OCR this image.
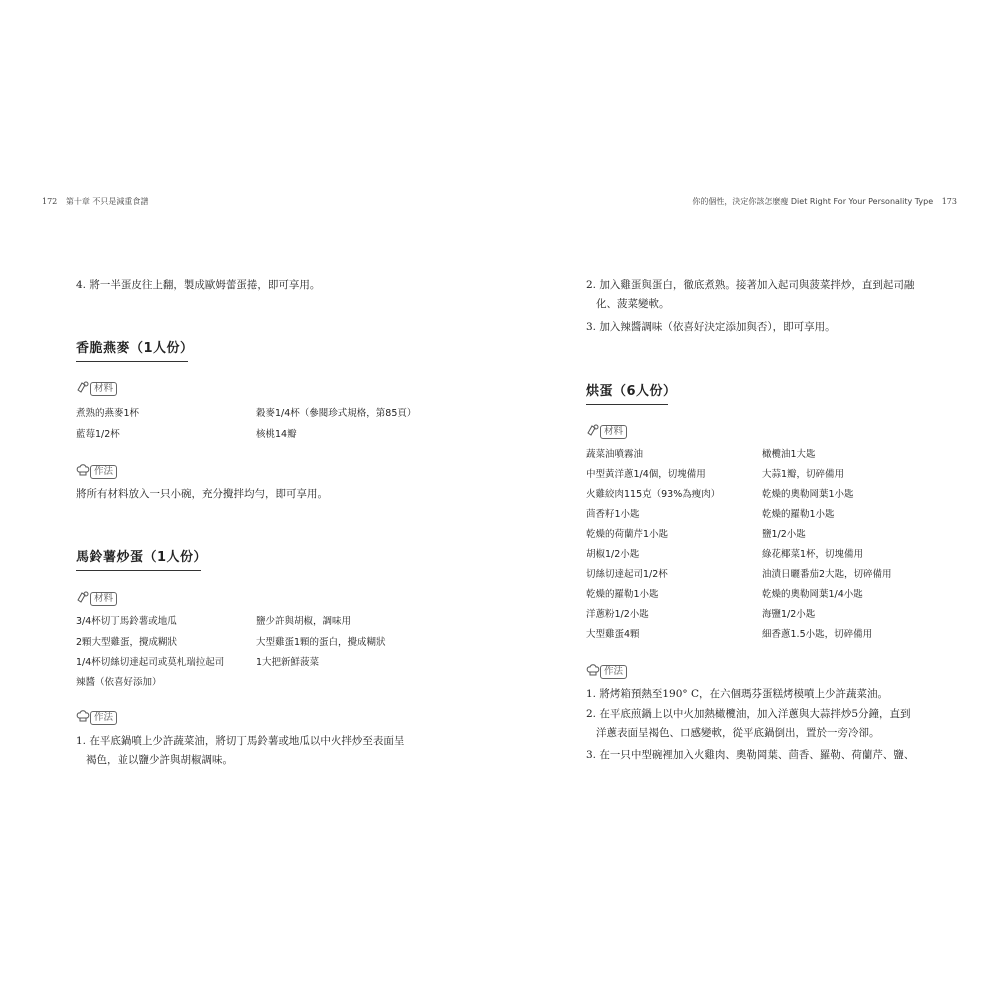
172 第十章 不只是減重食譜
4. 將一半蛋皮往上翻，製成歐姆蕾蛋捲，即可享用。
香脆燕麥（1人份）
材料
煮熟的燕麥1杯	穀麥1/4杯（參閱珍式規格，第85頁）
藍莓1/2杯	核桃14瓣
作法
將所有材料放入一只小碗，充分攪拌均勻，即可享用。
馬鈴薯炒蛋（1人份）
材料
3/4杯切丁馬鈴薯或地瓜	鹽少許與胡椒，調味用
2顆大型雞蛋，攪成糊狀	大型雞蛋1顆的蛋白，攪成糊狀
1/4杯切絲切達起司或莫札瑞拉起司	1大把新鮮菠菜
辣醬（依喜好添加）
作法
1. 在平底鍋噴上少許蔬菜油，將切丁馬鈴薯或地瓜以中火拌炒至表面呈
褐色，並以鹽少許與胡椒調味。
你的個性，決定你該怎麼瘦 Diet Right For Your Personality Type 173
2. 加入雞蛋與蛋白，徹底煮熟。接著加入起司與菠菜拌炒，直到起司融
化、菠菜變軟。
3. 加入辣醬調味（依喜好決定添加與否），即可享用。
烘蛋（6人份）
材料
蔬菜油噴霧油	橄欖油1大匙
中型黃洋蔥1/4個，切塊備用	大蒜1瓣，切碎備用
火雞絞肉115克（93%為瘦肉）	乾燥的奧勒岡葉1小匙
茴香籽1小匙	乾燥的羅勒1小匙
乾燥的荷蘭芹1小匙	鹽1/2小匙
胡椒1/2小匙	綠花椰菜1杯，切塊備用
切絲切達起司1/2杯	油漬日曬番茄2大匙，切碎備用
乾燥的羅勒1小匙	乾燥的奧勒岡葉1/4小匙
洋蔥粉1/2小匙	海鹽1/2小匙
大型雞蛋4顆	細香蔥1.5小匙，切碎備用
作法
1. 將烤箱預熱至190° C，在六個瑪芬蛋糕烤模噴上少許蔬菜油。
2. 在平底煎鍋上以中火加熱橄欖油，加入洋蔥與大蒜拌炒5分鐘，直到
洋蔥表面呈褐色、口感變軟，從平底鍋倒出，置於一旁冷卻。
3. 在一只中型碗裡加入火雞肉、奧勒岡葉、茴香、羅勒、荷蘭芹、鹽、
